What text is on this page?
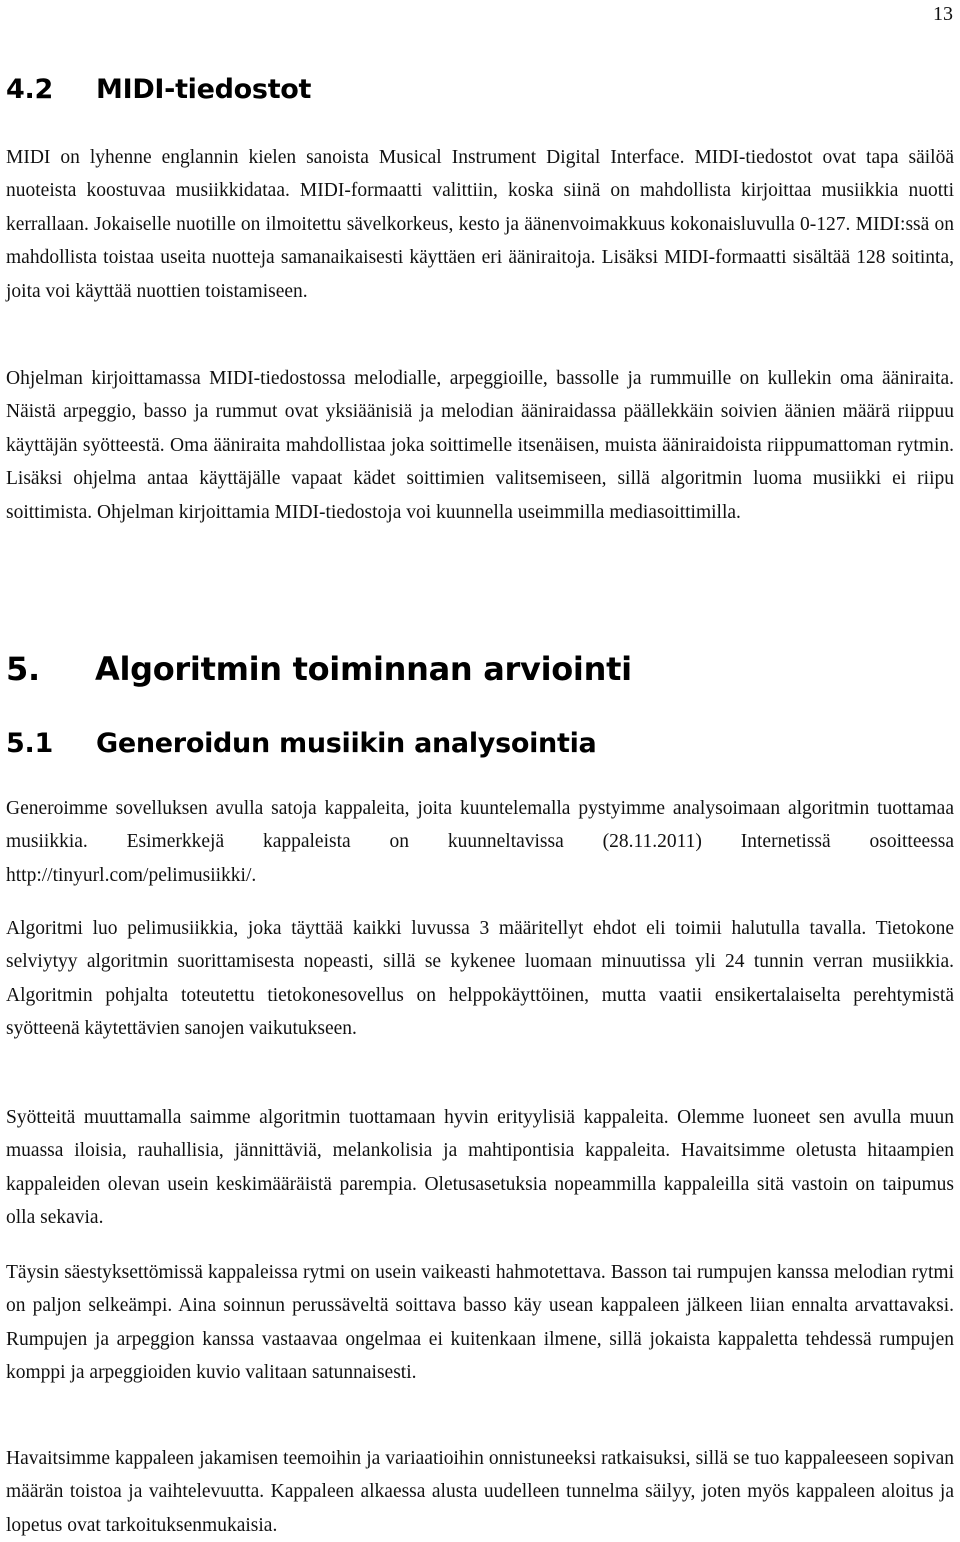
13
4.2 MIDI-tiedostot

MIDI on lyhenne englannin kielen sanoista Musical Instrument Digital Interface. MIDI-tiedostot ovat tapa säilöä nuoteista koostuvaa musiikkidataa. MIDI-formaatti valittiin, koska siinä on mahdollista kirjoittaa musiikkia nuotti kerrallaan. Jokaiselle nuotille on ilmoitettu sävelkorkeus, kesto ja äänenvoimakkuus kokonaisluvulla 0-127. MIDI:ssä on mahdollista toistaa useita nuotteja samanaikaisesti käyttäen eri ääniraitoja. Lisäksi MIDI-formaatti sisältää 128 soitinta, joita voi käyttää nuottien toistamiseen.

Ohjelman kirjoittamassa MIDI-tiedostossa melodialle, arpeggioille, bassolle ja rummuille on kullekin oma ääniraita. Näistä arpeggio, basso ja rummut ovat yksiäänisiä ja melodian ääniraidassa päällekkäin soivien äänien määrä riippuu käyttäjän syötteestä. Oma ääniraita mahdollistaa joka soittimelle itsenäisen, muista ääniraidoista riippumattoman rytmin. Lisäksi ohjelma antaa käyttäjälle vapaat kädet soittimien valitsemiseen, sillä algoritmin luoma musiikki ei riipu soittimista. Ohjelman kirjoittamia MIDI-tiedostoja voi kuunnella useimmilla mediasoittimilla.

5. Algoritmin toiminnan arviointi
5.1 Generoidun musiikin analysointia

Generoimme sovelluksen avulla satoja kappaleita, joita kuuntelemalla pystyimme analysoimaan algoritmin tuottamaa musiikkia. Esimerkkejä kappaleista on kuunneltavissa (28.11.2011) Internetissä osoitteessa http://tinyurl.com/pelimusiikki/.

Algoritmi luo pelimusiikkia, joka täyttää kaikki luvussa 3 määritellyt ehdot eli toimii halutulla tavalla. Tietokone selviytyy algoritmin suorittamisesta nopeasti, sillä se kykenee luomaan minuutissa yli 24 tunnin verran musiikkia. Algoritmin pohjalta toteutettu tietokonesovellus on helppokäyttöinen, mutta vaatii ensikertalaiselta perehtymistä syötteenä käytettävien sanojen vaikutukseen.

Syötteitä muuttamalla saimme algoritmin tuottamaan hyvin erityylisiä kappaleita. Olemme luoneet sen avulla muun muassa iloisia, rauhallisia, jännittäviä, melankolisia ja mahtipontisia kappaleita. Havaitsimme oletusta hitaampien kappaleiden olevan usein keskimääräistä parempia. Oletusasetuksia nopeammilla kappaleilla sitä vastoin on taipumus olla sekavia.

Täysin säestyksettömissä kappaleissa rytmi on usein vaikeasti hahmotettava. Basson tai rumpujen kanssa melodian rytmi on paljon selkeämpi. Aina soinnun perussäveltä soittava basso käy usean kappaleen jälkeen liian ennalta arvattavaksi. Rumpujen ja arpeggion kanssa vastaavaa ongelmaa ei kuitenkaan ilmene, sillä jokaista kappaletta tehdessä rumpujen komppi ja arpeggioiden kuvio valitaan satunnaisesti.

Havaitsimme kappaleen jakamisen teemoihin ja variaatioihin onnistuneeksi ratkaisuksi, sillä se tuo kappaleeseen sopivan määrän toistoa ja vaihtelevuutta. Kappaleen alkaessa alusta uudelleen tunnelma säilyy, joten myös kappaleen aloitus ja lopetus ovat tarkoituksenmukaisia.
